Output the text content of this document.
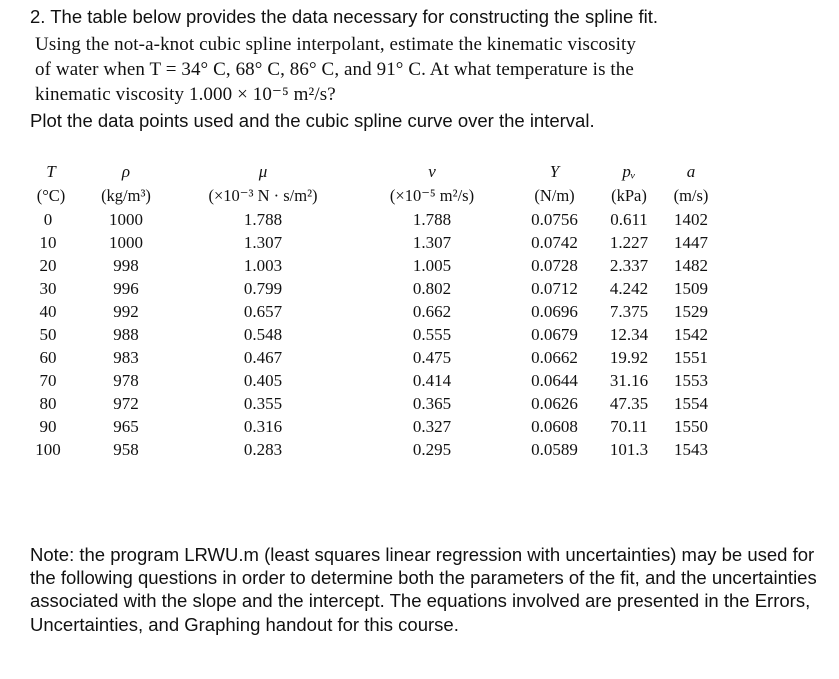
2. The table below provides the data necessary for constructing the spline fit.
Using the not-a-knot cubic spline interpolant, estimate the kinematic viscosity
of water when T = 34° C, 68° C, 86° C, and 91° C. At what temperature is the
kinematic viscosity 1.000 × 10⁻⁵ m²/s?
Plot the data points used and the cubic spline curve over the interval.
T	ρ	μ	ν	Υ	pᵥ	a
(°C)	(kg/m³)	(×10⁻³ N · s/m²)	(×10⁻⁵ m²/s)	(N/m)	(kPa)	(m/s)
0	1000	1.788	1.788	0.0756	0.611	1402
10	1000	1.307	1.307	0.0742	1.227	1447
20	998	1.003	1.005	0.0728	2.337	1482
30	996	0.799	0.802	0.0712	4.242	1509
40	992	0.657	0.662	0.0696	7.375	1529
50	988	0.548	0.555	0.0679	12.34	1542
60	983	0.467	0.475	0.0662	19.92	1551
70	978	0.405	0.414	0.0644	31.16	1553
80	972	0.355	0.365	0.0626	47.35	1554
90	965	0.316	0.327	0.0608	70.11	1550
100	958	0.283	0.295	0.0589	101.3	1543

Note: the program LRWU.m (least squares linear regression with uncertainties) may be used for the following questions in order to determine both the parameters of the fit, and the uncertainties associated with the slope and the intercept. The equations involved are presented in the Errors, Uncertainties, and Graphing handout for this course.
